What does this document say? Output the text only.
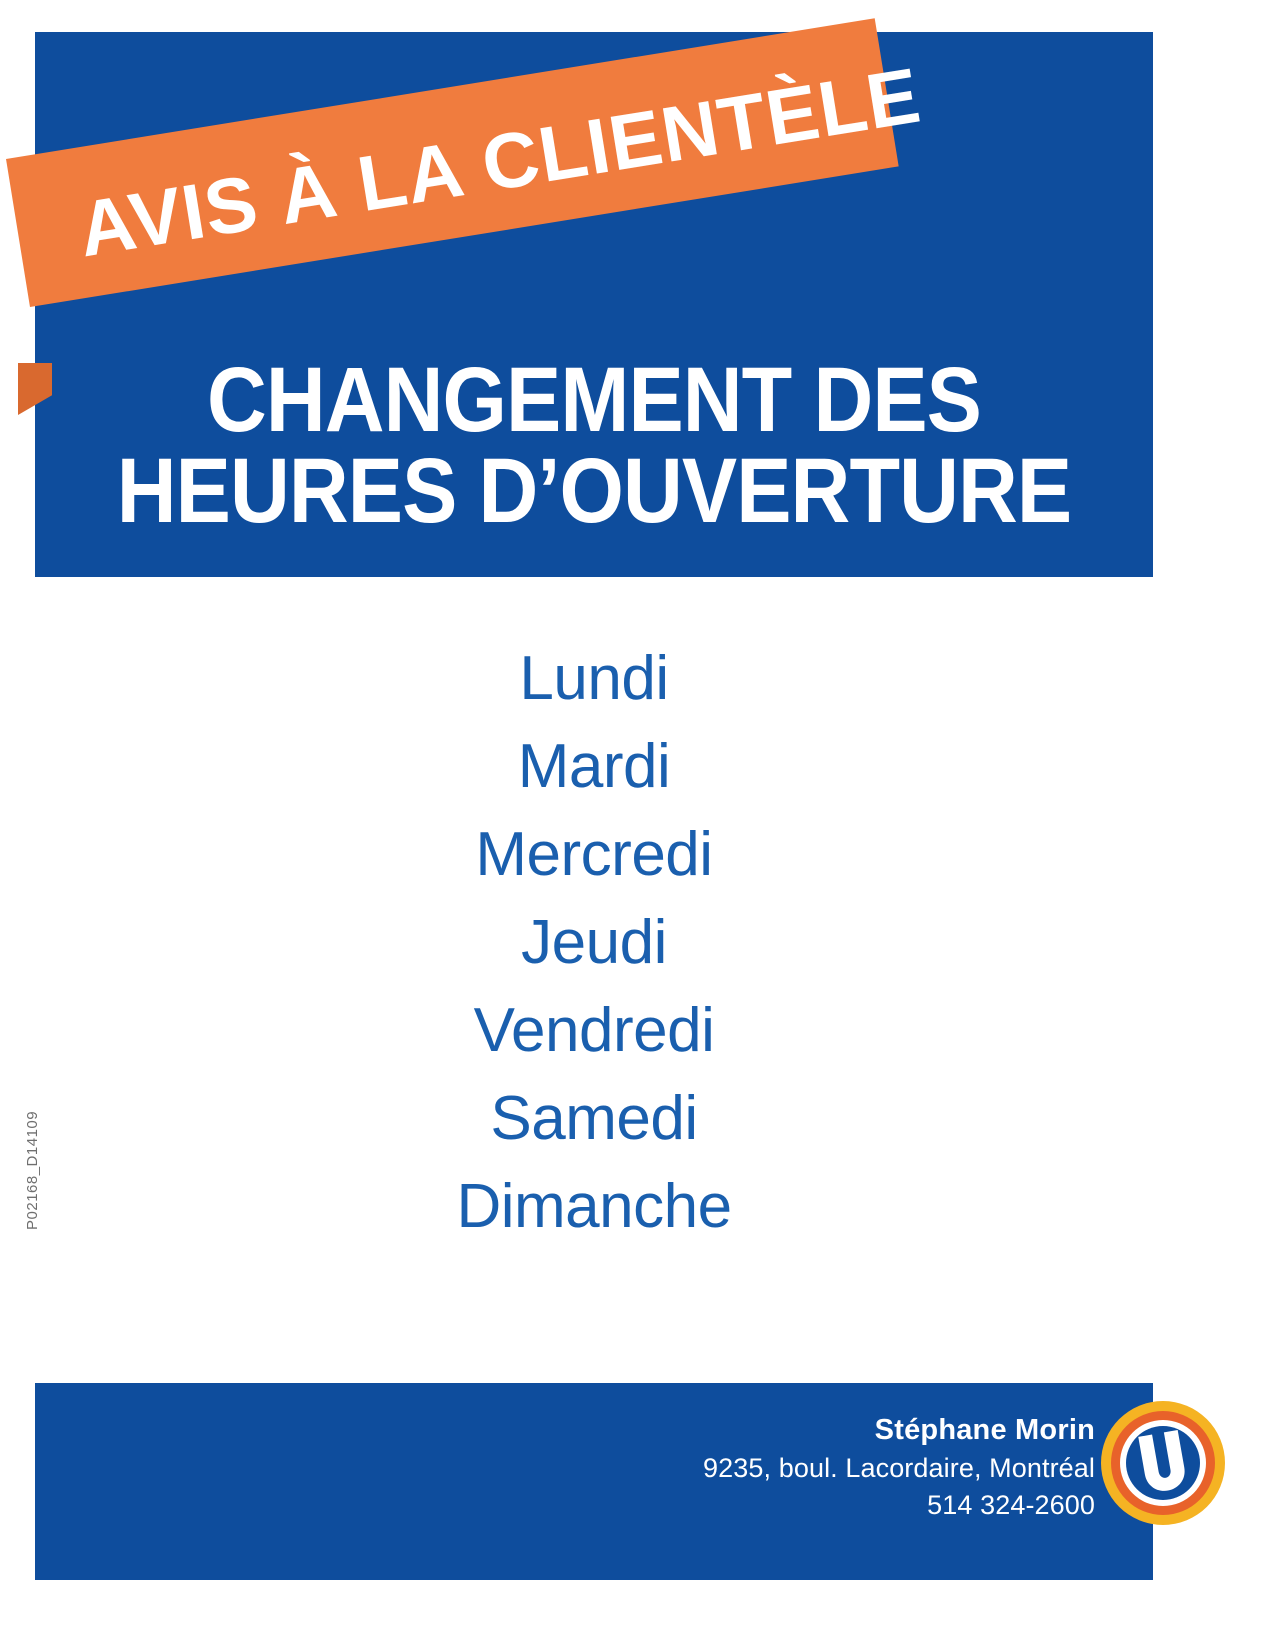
AVIS À LA CLIENTÈLE
CHANGEMENT DES
HEURES D’OUVERTURE
Lundi
Mardi
Mercredi
Jeudi
Vendredi
Samedi
Dimanche
P02168_D14109
Stéphane Morin
9235, boul. Lacordaire, Montréal
514 324-2600
